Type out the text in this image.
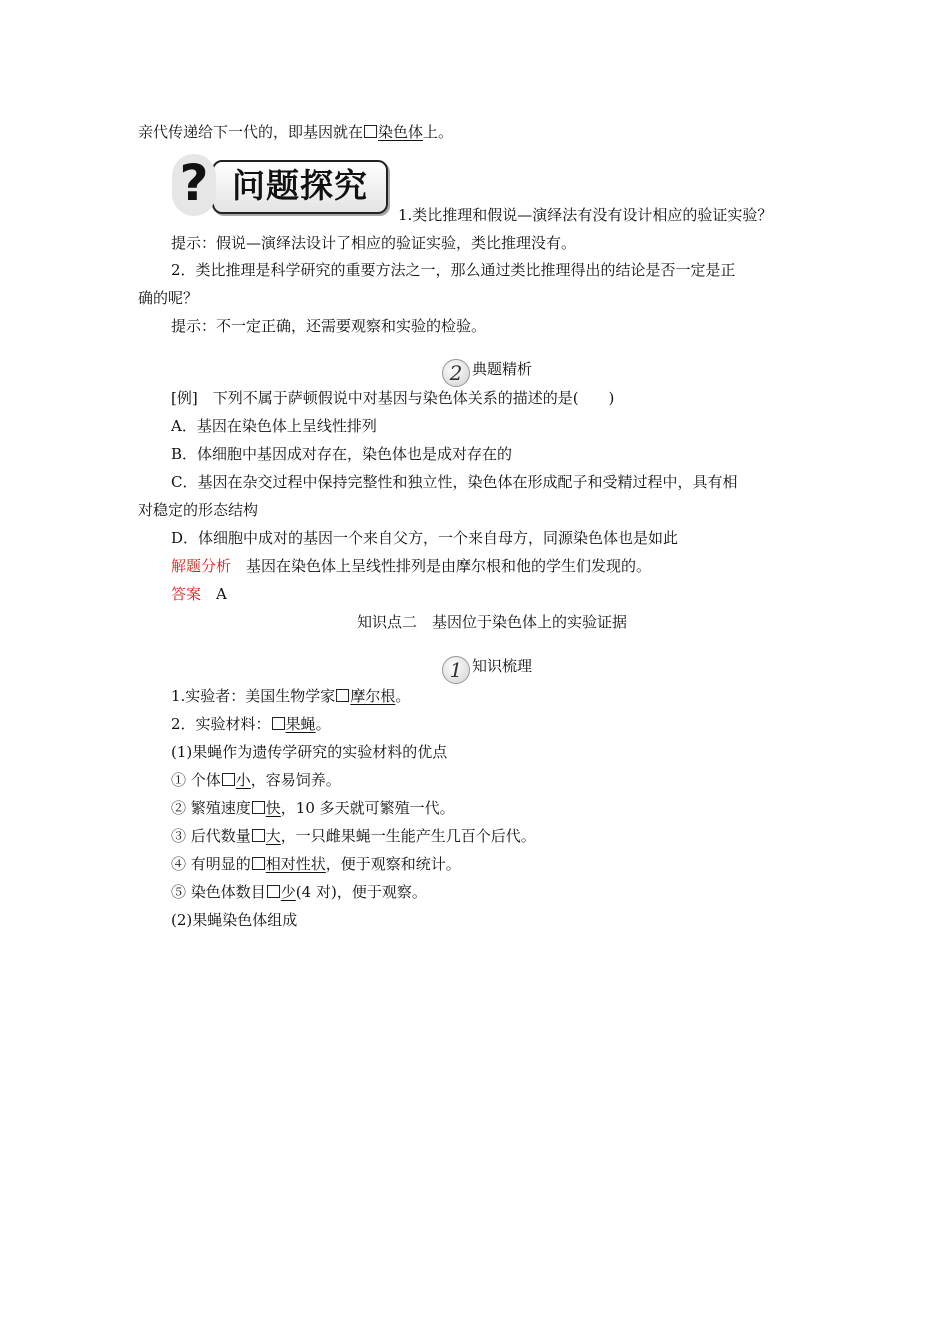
亲代传递给下一代的，即基因就在 染色体上。
问题探究
?
1.类比推理和假说—演绎法有没有设计相应的验证实验？
提示：假说—演绎法设计了相应的验证实验，类比推理没有。
2．类比推理是科学研究的重要方法之一，那么通过类比推理得出的结论是否一定是正
确的呢？
提示：不一定正确，还需要观察和实验的检验。
2 典题精析
[例]　下列不属于萨顿假说中对基因与染色体关系的描述的是(　　)
A．基因在染色体上呈线性排列
B．体细胞中基因成对存在，染色体也是成对存在的
C．基因在杂交过程中保持完整性和独立性，染色体在形成配子和受精过程中，具有相
对稳定的形态结构
D．体细胞中成对的基因一个来自父方，一个来自母方，同源染色体也是如此
解题分析　基因在染色体上呈线性排列是由摩尔根和他的学生们发现的。
答案　A
知识点二　基因位于染色体上的实验证据
1 知识梳理
1.实验者：美国生物学家 摩尔根。
2．实验材料： 果蝇。
(1)果蝇作为遗传学研究的实验材料的优点
① 个体 小，容易饲养。
② 繁殖速度 快，10 多天就可繁殖一代。
③ 后代数量 大，一只雌果蝇一生能产生几百个后代。
④ 有明显的 相对性状，便于观察和统计。
⑤ 染色体数目 少(4 对)，便于观察。
(2)果蝇染色体组成
